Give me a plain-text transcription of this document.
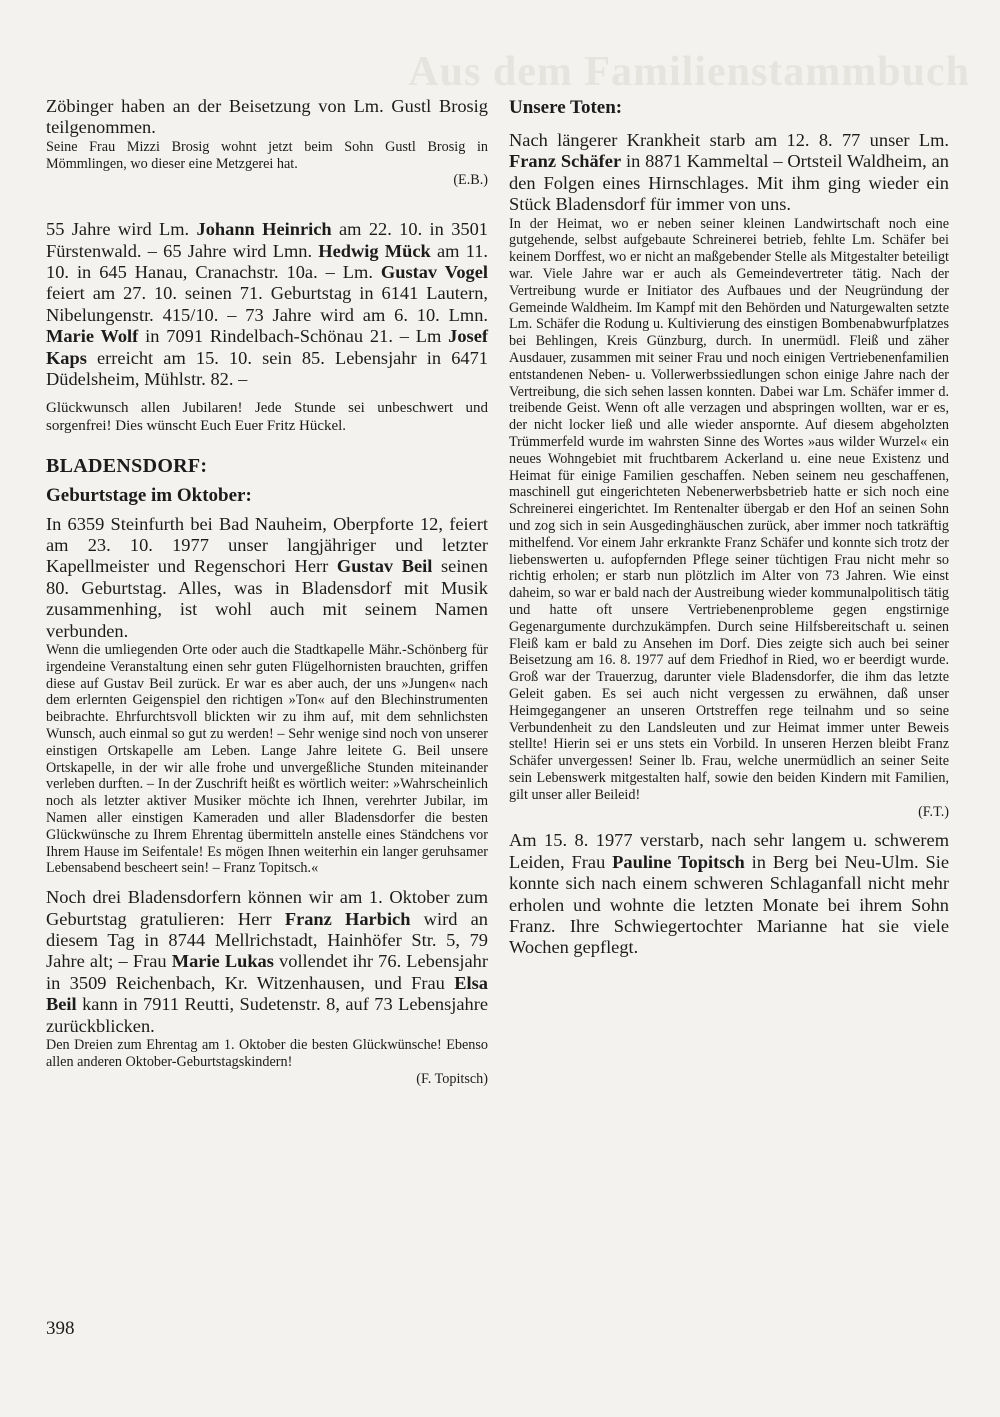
Aus dem Familienstammbuch

Zöbinger haben an der Beisetzung von Lm. Gustl Brosig teilgenommen.

Seine Frau Mizzi Brosig wohnt jetzt beim Sohn Gustl Brosig in Mömmlingen, wo dieser eine Metzgerei hat.
(E.B.)

55 Jahre wird Lm. Johann Heinrich am 22. 10. in 3501 Fürstenwald. – 65 Jahre wird Lmn. Hedwig Mück am 11. 10. in 645 Hanau, Cranachstr. 10a. – Lm. Gustav Vogel feiert am 27. 10. seinen 71. Geburtstag in 6141 Lautern, Nibelungenstr. 415/10. – 73 Jahre wird am 6. 10. Lmn. Marie Wolf in 7091 Rindelbach-Schönau 21. – Lm Josef Kaps erreicht am 15. 10. sein 85. Lebensjahr in 6471 Düdelsheim, Mühlstr. 82. –

Glückwunsch allen Jubilaren! Jede Stunde sei unbeschwert und sorgenfrei! Dies wünscht Euch Euer Fritz Hückel.

BLADENSDORF:
Geburtstage im Oktober:

In 6359 Steinfurth bei Bad Nauheim, Oberpforte 12, feiert am 23. 10. 1977 unser langjähriger und letzter Kapellmeister und Regenschori Herr Gustav Beil seinen 80. Geburtstag. Alles, was in Bladensdorf mit Musik zusammenhing, ist wohl auch mit seinem Namen verbunden.

Wenn die umliegenden Orte oder auch die Stadtkapelle Mähr.-Schönberg für irgendeine Veranstaltung einen sehr guten Flügelhornisten brauchten, griffen diese auf Gustav Beil zurück. Er war es aber auch, der uns »Jungen« nach dem erlernten Geigenspiel den richtigen »Ton« auf den Blechinstrumenten beibrachte. Ehrfurchtsvoll blickten wir zu ihm auf, mit dem sehnlichsten Wunsch, auch einmal so gut zu werden! – Sehr wenige sind noch von unserer einstigen Ortskapelle am Leben. Lange Jahre leitete G. Beil unsere Ortskapelle, in der wir alle frohe und unvergeßliche Stunden miteinander verleben durften. – In der Zuschrift heißt es wörtlich weiter: »Wahrscheinlich noch als letzter aktiver Musiker möchte ich Ihnen, verehrter Jubilar, im Namen aller einstigen Kameraden und aller Bladensdorfer die besten Glückwünsche zu Ihrem Ehrentag übermitteln anstelle eines Ständchens vor Ihrem Hause im Seifentale! Es mögen Ihnen weiterhin ein langer geruhsamer Lebensabend bescheert sein! – Franz Topitsch.«

Noch drei Bladensdorfern können wir am 1. Oktober zum Geburtstag gratulieren: Herr Franz Harbich wird an diesem Tag in 8744 Mellrichstadt, Hainhöfer Str. 5, 79 Jahre alt; – Frau Marie Lukas vollendet ihr 76. Lebensjahr in 3509 Reichenbach, Kr. Witzenhausen, und Frau Elsa Beil kann in 7911 Reutti, Sudetenstr. 8, auf 73 Lebensjahre zurückblicken.

Den Dreien zum Ehrentag am 1. Oktober die besten Glückwünsche! Ebenso allen anderen Oktober-Geburtstagskindern!
(F. Topitsch)

Unsere Toten:

Nach längerer Krankheit starb am 12. 8. 77 unser Lm. Franz Schäfer in 8871 Kammeltal – Ortsteil Waldheim, an den Folgen eines Hirnschlages. Mit ihm ging wieder ein Stück Bladensdorf für immer von uns.

In der Heimat, wo er neben seiner kleinen Landwirtschaft noch eine gutgehende, selbst aufgebaute Schreinerei betrieb, fehlte Lm. Schäfer bei keinem Dorffest, wo er nicht an maßgebender Stelle als Mitgestalter beteiligt war. Viele Jahre war er auch als Gemeindevertreter tätig. Nach der Vertreibung wurde er Initiator des Aufbaues und der Neugründung der Gemeinde Waldheim. Im Kampf mit den Behörden und Naturgewalten setzte Lm. Schäfer die Rodung u. Kultivierung des einstigen Bombenabwurfplatzes bei Behlingen, Kreis Günzburg, durch. In unermüdl. Fleiß und zäher Ausdauer, zusammen mit seiner Frau und noch einigen Vertriebenenfamilien entstandenen Neben- u. Vollerwerbssiedlungen schon einige Jahre nach der Vertreibung, die sich sehen lassen konnten. Dabei war Lm. Schäfer immer d. treibende Geist. Wenn oft alle verzagen und abspringen wollten, war er es, der nicht locker ließ und alle wieder anspornte. Auf diesem abgeholzten Trümmerfeld wurde im wahrsten Sinne des Wortes »aus wilder Wurzel« ein neues Wohngebiet mit fruchtbarem Ackerland u. eine neue Existenz und Heimat für einige Familien geschaffen. Neben seinem neu geschaffenen, maschinell gut eingerichteten Nebenerwerbsbetrieb hatte er sich noch eine Schreinerei eingerichtet. Im Rentenalter übergab er den Hof an seinen Sohn und zog sich in sein Ausgedinghäuschen zurück, aber immer noch tatkräftig mithelfend. Vor einem Jahr erkrankte Franz Schäfer und konnte sich trotz der liebenswerten u. aufopfernden Pflege seiner tüchtigen Frau nicht mehr so richtig erholen; er starb nun plötzlich im Alter von 73 Jahren. Wie einst daheim, so war er bald nach der Austreibung wieder kommunalpolitisch tätig und hatte oft unsere Vertriebenenprobleme gegen engstirnige Gegenargumente durchzukämpfen. Durch seine Hilfsbereitschaft u. seinen Fleiß kam er bald zu Ansehen im Dorf. Dies zeigte sich auch bei seiner Beisetzung am 16. 8. 1977 auf dem Friedhof in Ried, wo er beerdigt wurde. Groß war der Trauerzug, darunter viele Bladensdorfer, die ihm das letzte Geleit gaben. Es sei auch nicht vergessen zu erwähnen, daß unser Heimgegangener an unseren Ortstreffen rege teilnahm und so seine Verbundenheit zu den Landsleuten und zur Heimat immer unter Beweis stellte! Hierin sei er uns stets ein Vorbild. In unseren Herzen bleibt Franz Schäfer unvergessen! Seiner lb. Frau, welche unermüdlich an seiner Seite sein Lebenswerk mitgestalten half, sowie den beiden Kindern mit Familien, gilt unser aller Beileid!
(F.T.)

Am 15. 8. 1977 verstarb, nach sehr langem u. schwerem Leiden, Frau Pauline Topitsch in Berg bei Neu-Ulm. Sie konnte sich nach einem schweren Schlaganfall nicht mehr erholen und wohnte die letzten Monate bei ihrem Sohn Franz. Ihre Schwiegertochter Marianne hat sie viele Wochen gepflegt.

398
